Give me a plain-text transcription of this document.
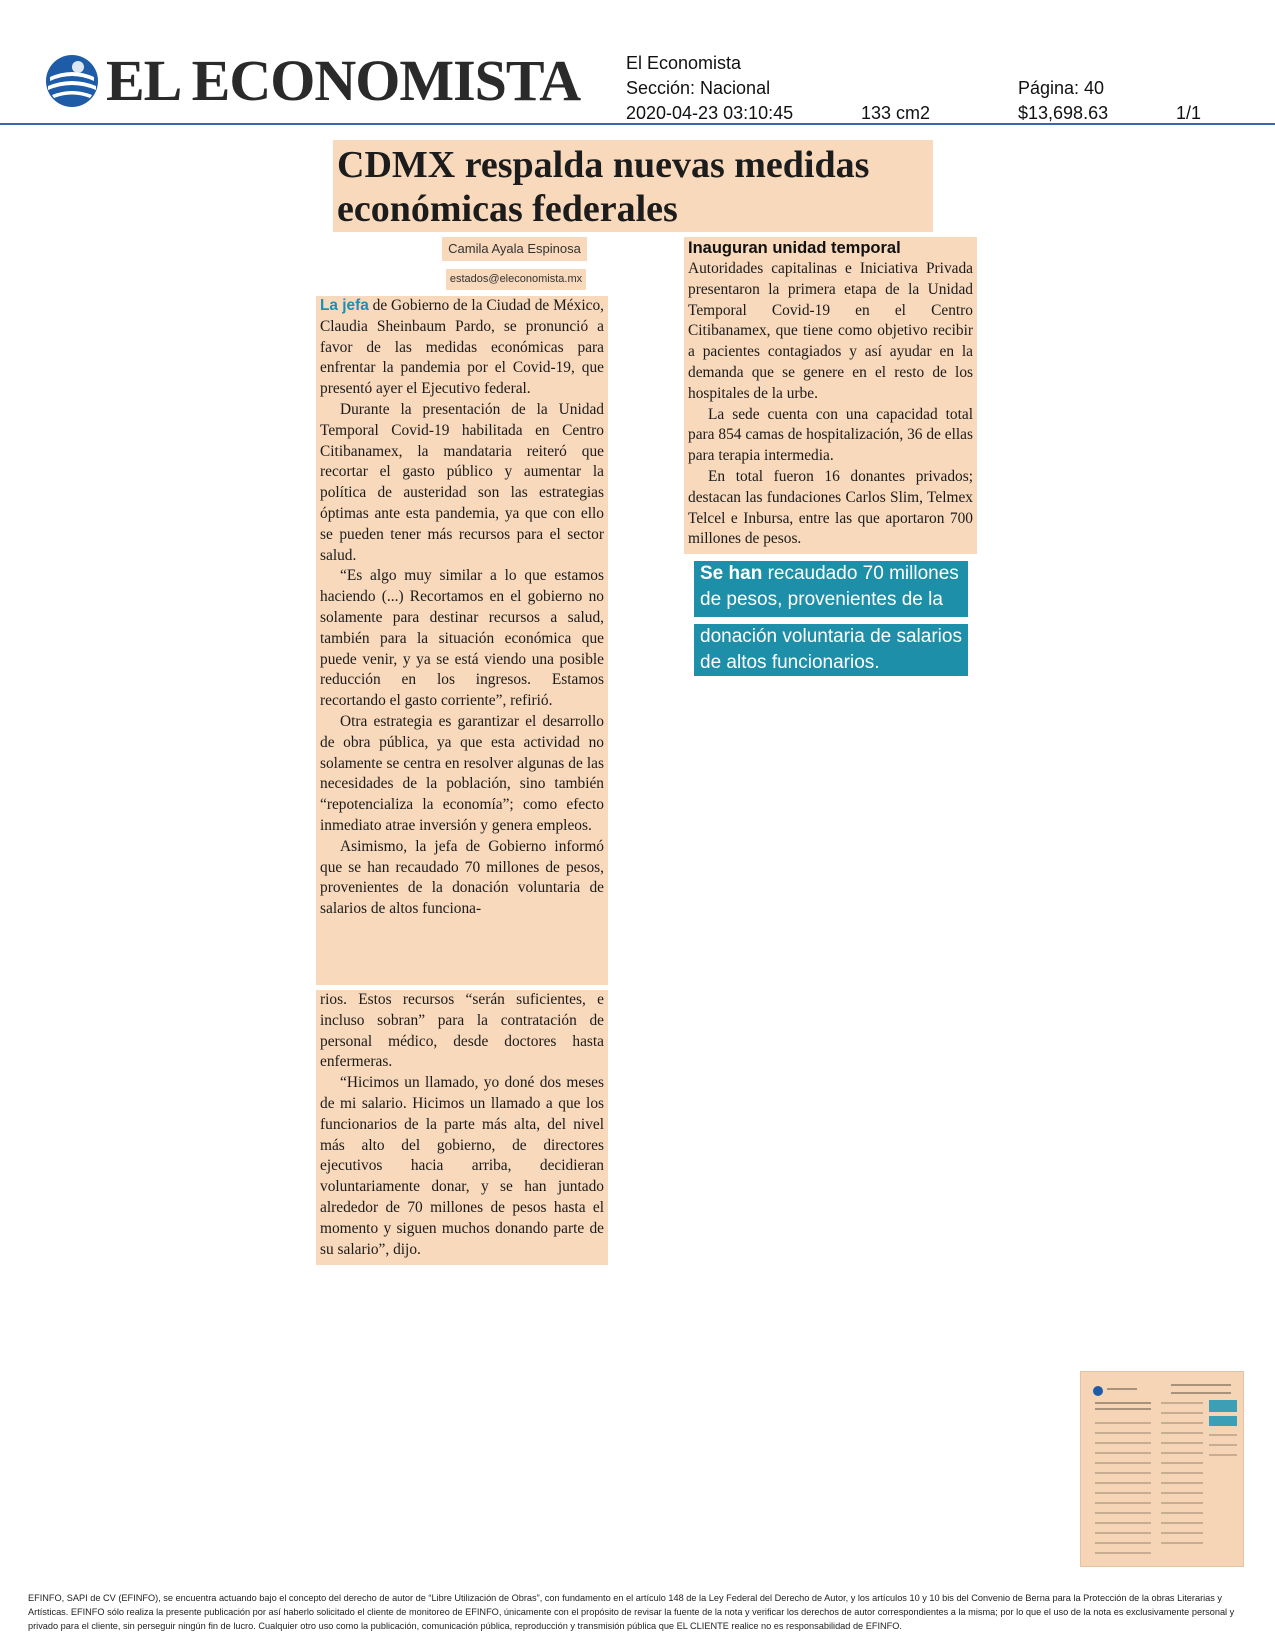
EL ECONOMISTA	El Economista
Sección: Nacional
2020-04-23 03:10:45	133 cm2
Página: 40
$13,698.63	1/1
CDMX respalda nuevas medidas
económicas federales
Camila Ayala Espinosa
estados@eleconomista.mx

La jefa de Gobierno de la Ciudad de México, Claudia Sheinbaum Pardo, se pronunció a favor de las medidas económicas para enfrentar la pandemia por el Covid-19, que presentó ayer el Ejecutivo federal.

Durante la presentación de la Unidad Temporal Covid-19 habilitada en Centro Citibanamex, la mandataria reiteró que recortar el gasto público y aumentar la política de austeridad son las estrategias óptimas ante esta pandemia, ya que con ello se pueden tener más recursos para el sector salud.

“Es algo muy similar a lo que estamos haciendo (...) Recortamos en el gobierno no solamente para destinar recursos a salud, también para la situación económica que puede venir, y ya se está viendo una posible reducción en los ingresos. Estamos recortando el gasto corriente”, refirió.

Otra estrategia es garantizar el desarrollo de obra pública, ya que esta actividad no solamente se centra en resolver algunas de las necesidades de la población, sino también “repotencializa la economía”; como efecto inmediato atrae inversión y genera empleos.

Asimismo, la jefa de Gobierno informó que se han recaudado 70 millones de pesos, provenientes de la donación voluntaria de salarios de altos funciona-

rios. Estos recursos “serán suficientes, e incluso sobran” para la contratación de personal médico, desde doctores hasta enfermeras.

“Hicimos un llamado, yo doné dos meses de mi salario. Hicimos un llamado a que los funcionarios de la parte más alta, del nivel más alto del gobierno, de directores ejecutivos hacia arriba, decidieran voluntariamente donar, y se han juntado alrededor de 70 millones de pesos hasta el momento y siguen muchos donando parte de su salario”, dijo.

Inauguran unidad temporal

Autoridades capitalinas e Iniciativa Privada presentaron la primera etapa de la Unidad Temporal Covid-19 en el Centro Citibanamex, que tiene como objetivo recibir a pacientes contagiados y así ayudar en la demanda que se genere en el resto de los hospitales de la urbe.

La sede cuenta con una capacidad total para 854 camas de hospitalización, 36 de ellas para terapia intermedia.

En total fueron 16 donantes privados; destacan las fundaciones Carlos Slim, Telmex Telcel e Inbursa, entre las que aportaron 700 millones de pesos.

Se han recaudado 70 millones
de pesos, provenientes de la
donación voluntaria de salarios
de altos funcionarios.
EFINFO, SAPI de CV (EFINFO), se encuentra actuando bajo el concepto del derecho de autor de “Libre Utilización de Obras”, con fundamento en el artículo 148 de la Ley Federal del Derecho de Autor, y los artículos 10 y 10 bis del Convenio de Berna para la Protección de la obras Literarias y Artísticas. EFINFO sólo realiza la presente publicación por así haberlo solicitado el cliente de monitoreo de EFINFO, únicamente con el propósito de revisar la fuente de la nota y verificar los derechos de autor correspondientes a la misma; por lo que el uso de la nota es exclusivamente personal y privado para el cliente, sin perseguir ningún fin de lucro. Cualquier otro uso como la publicación, comunicación pública, reproducción y transmisión pública que EL CLIENTE realice no es responsabilidad de EFINFO.
